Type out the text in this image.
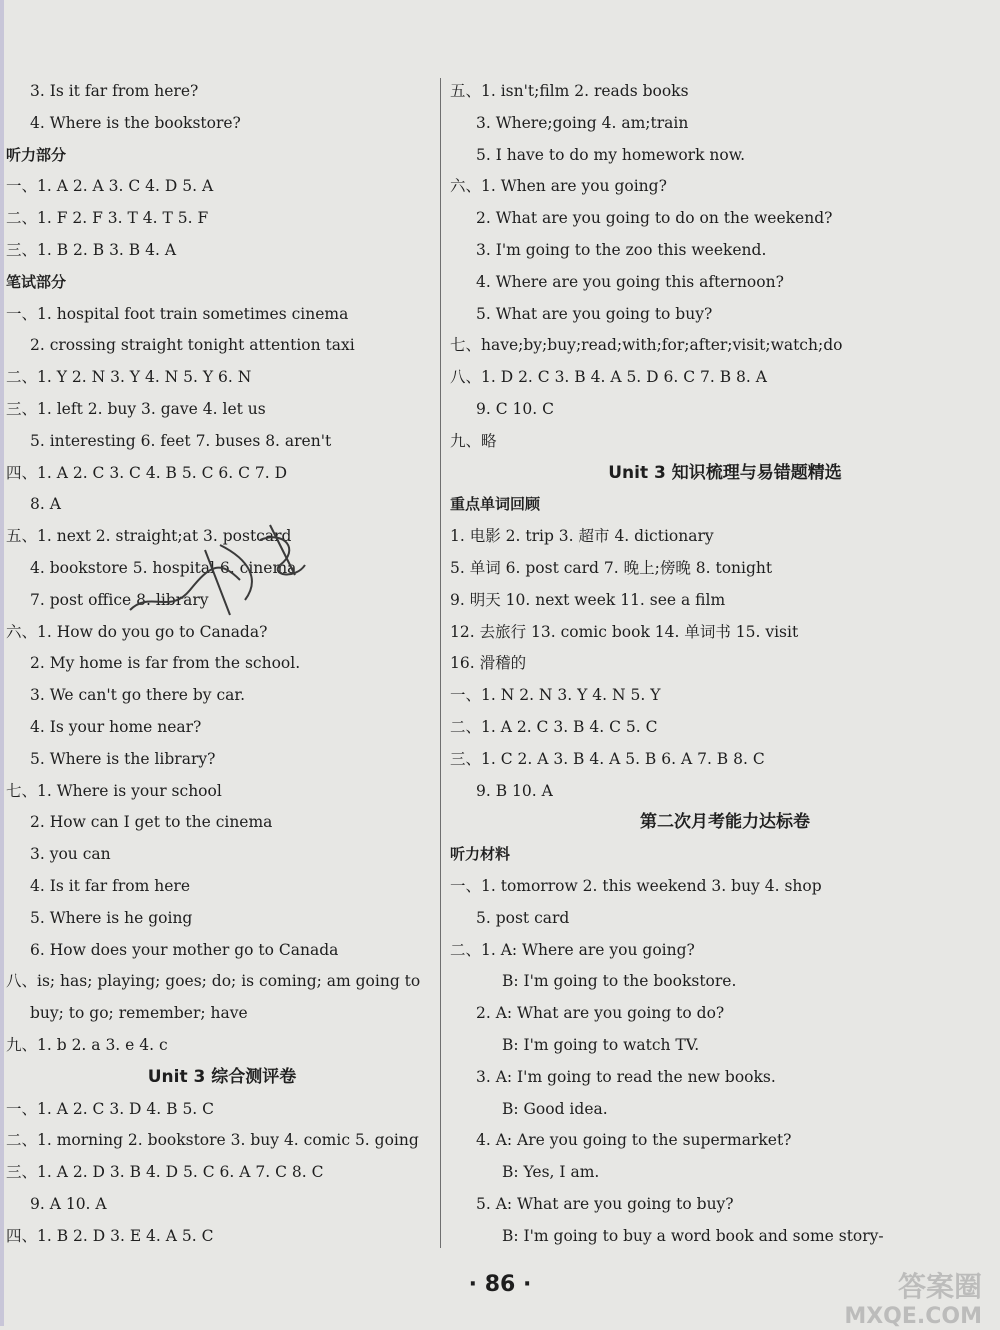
3. Is it far from here?
4. Where is the bookstore?
听力部分
一、1. A 2. A 3. C 4. D 5. A
二、1. F 2. F 3. T 4. T 5. F
三、1. B 2. B 3. B 4. A
笔试部分
一、1. hospital foot train sometimes cinema
2. crossing straight tonight attention taxi
二、1. Y 2. N 3. Y 4. N 5. Y 6. N
三、1. left 2. buy 3. gave 4. let us
5. interesting 6. feet 7. buses 8. aren't
四、1. A 2. C 3. C 4. B 5. C 6. C 7. D
8. A
五、1. next 2. straight;at 3. postcard
4. bookstore 5. hospital 6. cinema
7. post office 8. library
六、1. How do you go to Canada?
2. My home is far from the school.
3. We can't go there by car.
4. Is your home near?
5. Where is the library?
七、1. Where is your school
2. How can I get to the cinema
3. you can
4. Is it far from here
5. Where is he going
6. How does your mother go to Canada
八、is; has; playing; goes; do; is coming; am going to
buy; to go; remember; have
九、1. b 2. a 3. e 4. c
Unit 3 综合测评卷
一、1. A 2. C 3. D 4. B 5. C
二、1. morning 2. bookstore 3. buy 4. comic 5. going
三、1. A 2. D 3. B 4. D 5. C 6. A 7. C 8. C
9. A 10. A
四、1. B 2. D 3. E 4. A 5. C
五、1. isn't;film 2. reads books
3. Where;going 4. am;train
5. I have to do my homework now.
六、1. When are you going?
2. What are you going to do on the weekend?
3. I'm going to the zoo this weekend.
4. Where are you going this afternoon?
5. What are you going to buy?
七、have;by;buy;read;with;for;after;visit;watch;do
八、1. D 2. C 3. B 4. A 5. D 6. C 7. B 8. A
9. C 10. C
九、略
Unit 3 知识梳理与易错题精选
重点单词回顾
1. 电影 2. trip 3. 超市 4. dictionary
5. 单词 6. post card 7. 晚上;傍晚 8. tonight
9. 明天 10. next week 11. see a film
12. 去旅行 13. comic book 14. 单词书 15. visit
16. 滑稽的
一、1. N 2. N 3. Y 4. N 5. Y
二、1. A 2. C 3. B 4. C 5. C
三、1. C 2. A 3. B 4. A 5. B 6. A 7. B 8. C
9. B 10. A
第二次月考能力达标卷
听力材料
一、1. tomorrow 2. this weekend 3. buy 4. shop
5. post card
二、1. A: Where are you going?
B: I'm going to the bookstore.
2. A: What are you going to do?
B: I'm going to watch TV.
3. A: I'm going to read the new books.
B: Good idea.
4. A: Are you going to the supermarket?
B: Yes, I am.
5. A: What are you going to buy?
B: I'm going to buy a word book and some story-
· 86 ·	答案圈
MXQE.COM
